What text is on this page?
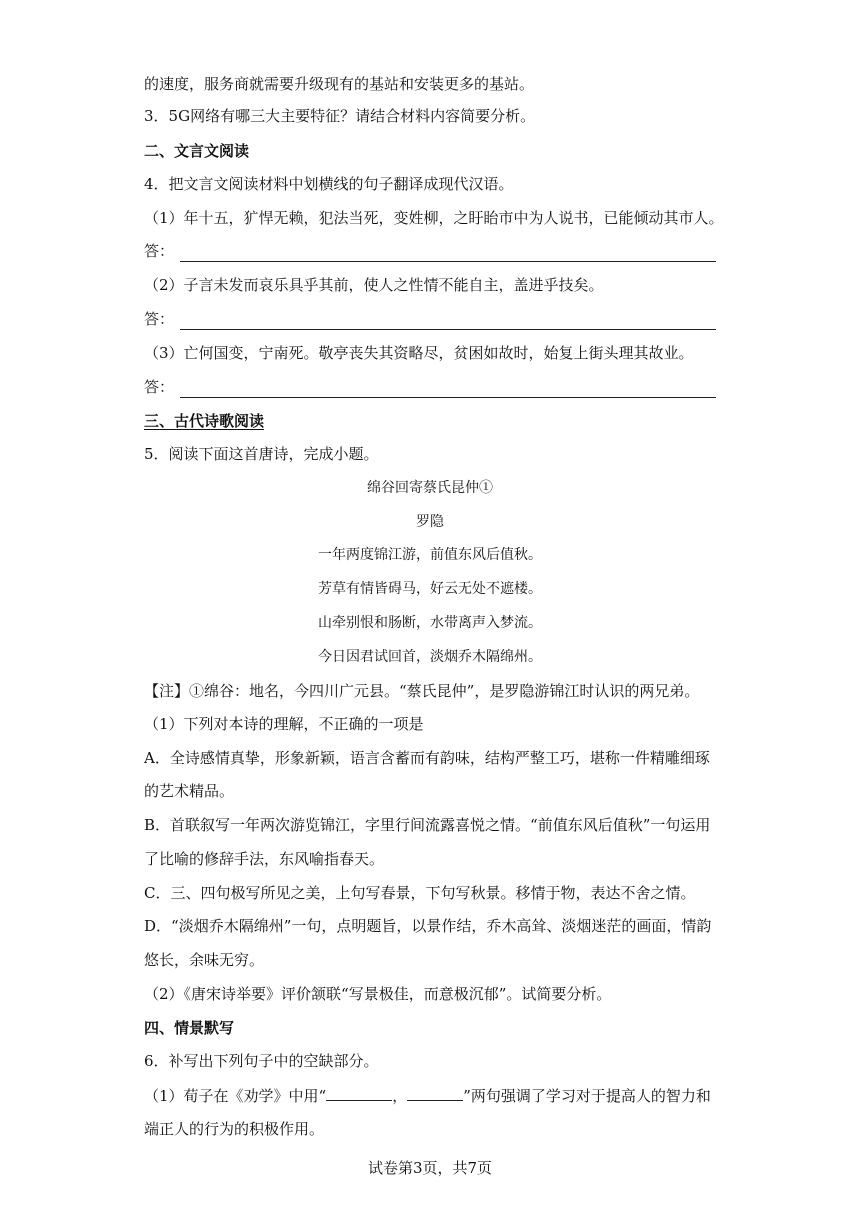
的速度，服务商就需要升级现有的基站和安装更多的基站。
3．5G网络有哪三大主要特征？请结合材料内容简要分析。
二、文言文阅读
4．把文言文阅读材料中划横线的句子翻译成现代汉语。
（1）年十五，犷悍无赖，犯法当死，变姓柳，之盱眙市中为人说书，已能倾动其市人。
答：
（2）子言未发而哀乐具乎其前，使人之性情不能自主，盖进乎技矣。
答：
（3）亡何国变，宁南死。敬亭丧失其资略尽，贫困如故时，始复上街头理其故业。
答：
三、古代诗歌阅读
5．阅读下面这首唐诗，完成小题。
绵谷回寄蔡氏昆仲①
罗隐
一年两度锦江游，前值东风后值秋。
芳草有情皆碍马，好云无处不遮楼。
山牵别恨和肠断，水带离声入梦流。
今日因君试回首，淡烟乔木隔绵州。
【注】①绵谷：地名，今四川广元县。“蔡氏昆仲”，是罗隐游锦江时认识的两兄弟。
（1）下列对本诗的理解，不正确的一项是
A．全诗感情真挚，形象新颖，语言含蓄而有韵味，结构严整工巧，堪称一件精雕细琢
的艺术精品。
B．首联叙写一年两次游览锦江，字里行间流露喜悦之情。“前值东风后值秋”一句运用
了比喻的修辞手法，东风喻指春天。
C．三、四句极写所见之美，上句写春景，下句写秋景。移情于物，表达不舍之情。
D．“淡烟乔木隔绵州”一句，点明题旨，以景作结，乔木高耸、淡烟迷茫的画面，情韵
悠长，余味无穷。
（2）《唐宋诗举要》评价颔联“写景极佳，而意极沉郁”。试简要分析。
四、情景默写
6．补写出下列句子中的空缺部分。
（1）荀子在《劝学》中用“	，	”两句强调了学习对于提高人的智力和
端正人的行为的积极作用。
试卷第3页，共7页
